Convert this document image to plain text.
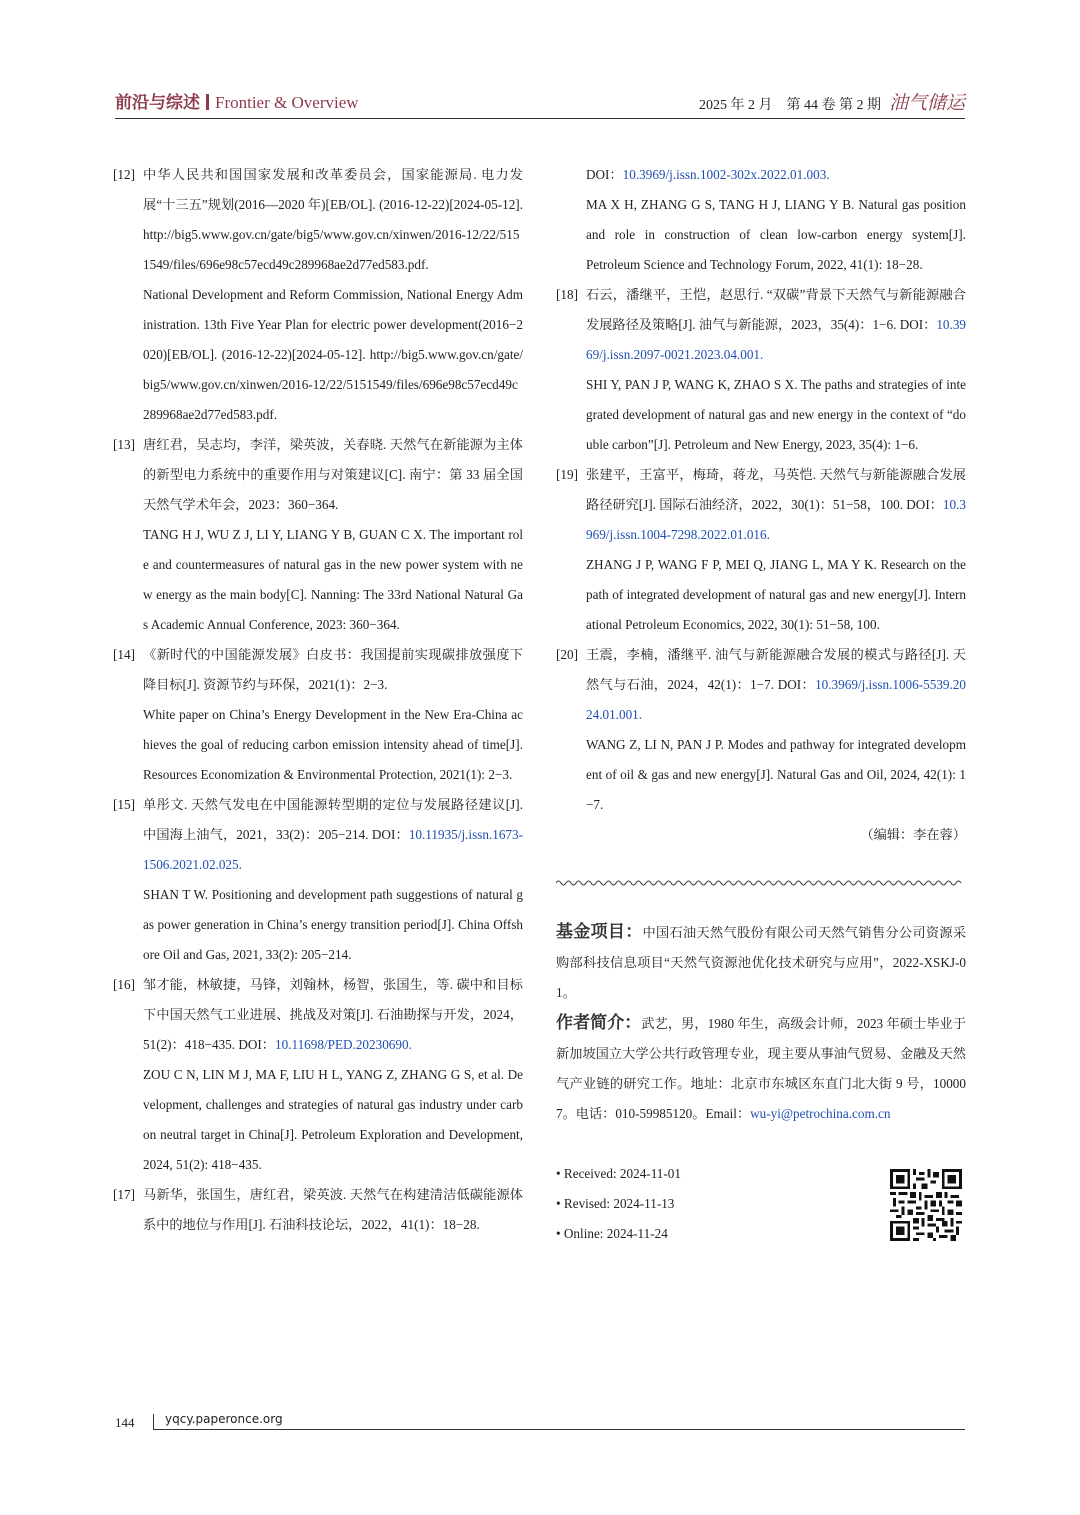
前沿与综述 Frontier & Overview	2025 年 2 月　第 44 卷 第 2 期 油气储运
[12] 中华人民共和国国家发展和改革委员会，国家能源局. 电力发展“十三五”规划(2016—2020 年)[EB/OL]. (2016-12-22)[2024-05-12]. http://big5.www.gov.cn/gate/big5/www.gov.cn/xinwen/2016-12/22/5151549/files/696e98c57ecd49c289968ae2d77ed583.pdf.
National Development and Reform Commission, National Energy Administration. 13th Five Year Plan for electric power development(2016−2020)[EB/OL]. (2016-12-22)[2024-05-12]. http://big5.www.gov.cn/gate/big5/www.gov.cn/xinwen/2016-12/22/5151549/files/696e98c57ecd49c289968ae2d77ed583.pdf.
[13] 唐红君，吴志均，李洋，梁英波，关春晓. 天然气在新能源为主体的新型电力系统中的重要作用与对策建议[C]. 南宁：第 33 届全国天然气学术年会，2023：360−364.
TANG H J, WU Z J, LI Y, LIANG Y B, GUAN C X. The important role and countermeasures of natural gas in the new power system with new energy as the main body[C]. Nanning: The 33rd National Natural Gas Academic Annual Conference, 2023: 360−364.
[14] 《新时代的中国能源发展》白皮书：我国提前实现碳排放强度下降目标[J]. 资源节约与环保，2021(1)：2−3.
White paper on China’s Energy Development in the New Era-China achieves the goal of reducing carbon emission intensity ahead of time[J]. Resources Economization & Environmental Protection, 2021(1): 2−3.
[15] 单彤文. 天然气发电在中国能源转型期的定位与发展路径建议[J]. 中国海上油气，2021，33(2)：205−214. DOI：10.11935/j.issn.1673-1506.2021.02.025.
SHAN T W. Positioning and development path suggestions of natural gas power generation in China’s energy transition period[J]. China Offshore Oil and Gas, 2021, 33(2): 205−214.
[16] 邹才能，林敏捷，马锋，刘翰林，杨智，张国生，等. 碳中和目标下中国天然气工业进展、挑战及对策[J]. 石油勘探与开发，2024，51(2)：418−435. DOI：10.11698/PED.20230690.
ZOU C N, LIN M J, MA F, LIU H L, YANG Z, ZHANG G S, et al. Development, challenges and strategies of natural gas industry under carbon neutral target in China[J]. Petroleum Exploration and Development, 2024, 51(2): 418−435.
[17] 马新华，张国生，唐红君，梁英波. 天然气在构建清洁低碳能源体系中的地位与作用[J]. 石油科技论坛，2022，41(1)：18−28.
DOI：10.3969/j.issn.1002-302x.2022.01.003.
MA X H, ZHANG G S, TANG H J, LIANG Y B. Natural gas position and role in construction of clean low-carbon energy system[J]. Petroleum Science and Technology Forum, 2022, 41(1): 18−28.
[18] 石云，潘继平，王恺，赵思行. “双碳”背景下天然气与新能源融合发展路径及策略[J]. 油气与新能源，2023，35(4)：1−6. DOI：10.3969/j.issn.2097-0021.2023.04.001.
SHI Y, PAN J P, WANG K, ZHAO S X. The paths and strategies of integrated development of natural gas and new energy in the context of “double carbon”[J]. Petroleum and New Energy, 2023, 35(4): 1−6.
[19] 张建平，王富平，梅琦，蒋龙，马英恺. 天然气与新能源融合发展路径研究[J]. 国际石油经济，2022，30(1)：51−58，100. DOI：10.3969/j.issn.1004-7298.2022.01.016.
ZHANG J P, WANG F P, MEI Q, JIANG L, MA Y K. Research on the path of integrated development of natural gas and new energy[J]. International Petroleum Economics, 2022, 30(1): 51−58, 100.
[20] 王震，李楠，潘继平. 油气与新能源融合发展的模式与路径[J]. 天然气与石油，2024，42(1)：1−7. DOI：10.3969/j.issn.1006-5539.2024.01.001.
WANG Z, LI N, PAN J P. Modes and pathway for integrated development of oil & gas and new energy[J]. Natural Gas and Oil, 2024, 42(1): 1−7.
（编辑：李在蓉）
基金项目：中国石油天然气股份有限公司天然气销售分公司资源采购部科技信息项目“天然气资源池优化技术研究与应用”，2022-XSKJ-01。
作者简介：武艺，男，1980 年生，高级会计师，2023 年硕士毕业于新加坡国立大学公共行政管理专业，现主要从事油气贸易、金融及天然气产业链的研究工作。地址：北京市东城区东直门北大街 9 号，100007。电话：010-59985120。Email：wu-yi@petrochina.com.cn
• Received: 2024-11-01
• Revised: 2024-11-13
• Online: 2024-11-24
144	yqcy.paperonce.org
